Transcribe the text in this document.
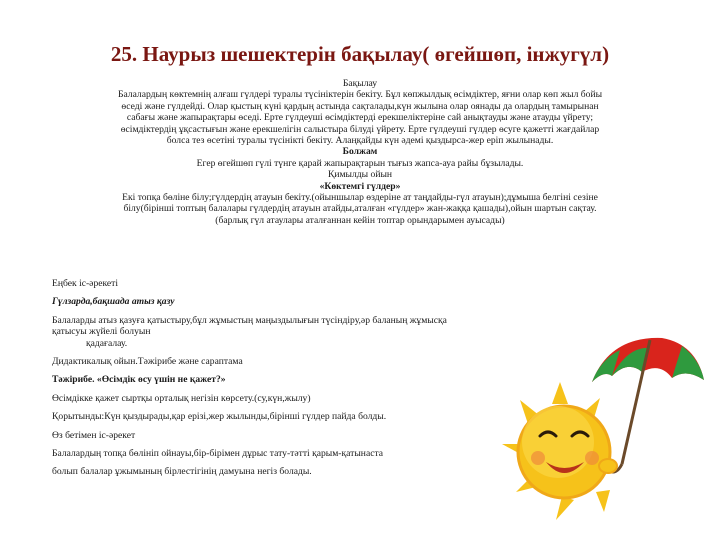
25. Наурыз шешектерін бақылау( өгейшөп, інжугүл)

Бақылау

Балалардың көктемнің алғаш гүлдері туралы түсініктерін бекіту. Бұл көпжылдық өсімдіктер, яғни олар көп жыл бойы

өседі және гүлдейді. Олар қыстың күні қардың астында сақталады,күн жылына олар оянады да олардың тамырынан

сабағы және жапырақтары өседі. Ерте гүлдеуші өсімдіктерді ерекшеліктеріне сай анықтауды және атауды үйрету;

өсімдіктердің ұқсастығын және ерекшелігін салыстыра білуді үйрету. Ерте гүлдеуші гүлдер өсуге қажетті жағдайлар

болса тез өсетіні туралы түсінікті бекіту. Алаңқайды күн әдемі қыздырса-жер еріп жылынады.

Болжам

Егер өгейшөп гүлі түнге қарай жапырақтарын тығыз жапса-ауа райы бұзылады.

Қимылды ойын

«Көктемгі гүлдер»

Екі топқа бөліне білу;гүлдердің атауын бекіту.(ойыншылар өздеріне ат таңдайды-гүл атауын);дұмыша белгіні сезіне

білу(бірінші топтың балалары гүлдердің атауын атайды,аталған «гүлдер» жан-жаққа қашады),ойын шартын сақтау.

(барлық гүл атаулары аталғаннан кейін топтар орындарымен ауысады)

Еңбек іс-әрекеті

Гүлзарда,бақшада атыз қазу

Балаларды атыз қазуға қатыстыру,бұл жұмыстың маңыздылығын түсіндіру,әр баланың жұмысқа қатысуы жүйелі болуын

қадағалау.

Дидактикалық ойын.Тәжірибе және сараптама

Тәжірибе. «Өсімдік өсу үшін не қажет?»

Өсімдікке қажет сыртқы орталық негізін көрсету.(су,күн,жылу)

Қорытынды:Күн қыздырады,қар ерізі,жер жылынды,бірінші гүлдер пайда болды.

Өз бетімен іс-әрекет

Балалардың топқа бөлініп ойнауы,бір-бірімен дұрыс тату-тәтті қарым-қатынаста

болып балалар ұжымының бірлестігінің дамуына негіз болады.
